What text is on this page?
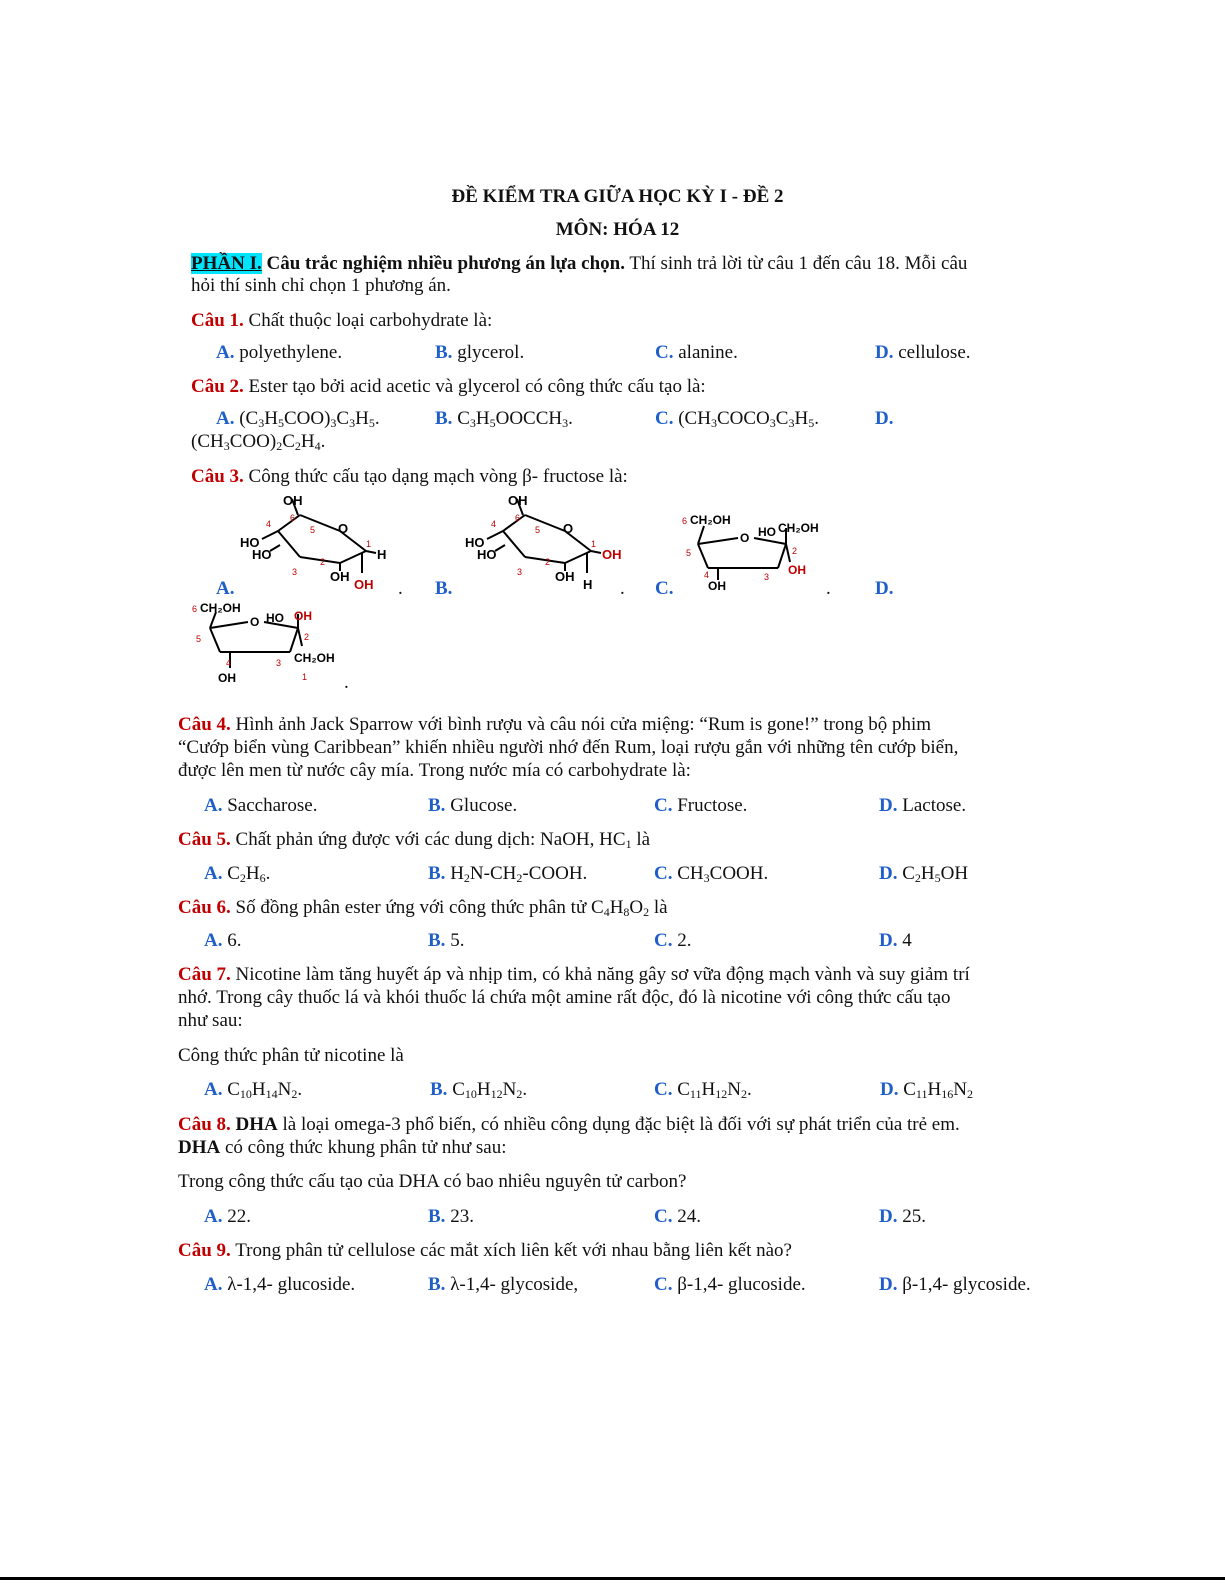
ĐỀ KIỂM TRA GIỮA HỌC KỲ I - ĐỀ 2
MÔN: HÓA 12
PHẦN I. Câu trắc nghiệm nhiều phương án lựa chọn. Thí sinh trả lời từ câu 1 đến câu 18. Mỗi câu
hỏi thí sinh chỉ chọn 1 phương án.
Câu 1. Chất thuộc loại carbohydrate là:
A. polyethylene.	B. glycerol.	C. alanine.	D. cellulose.
Câu 2. Ester tạo bởi acid acetic và glycerol có công thức cấu tạo là:
A. $(C_3H_5COO)_3C_3H_5$.	B. $C_3H_5OOCCH_3$.	C. ($CH_3COCO_3C_3H_5$.	D.
$(CH_3COO)_2C_2H_4$.
Câu 3. Công thức cấu tạo dạng mạch vòng β- fructose là:
OH
O
HO
HO	H
OH
OH
4
6
5
1
2
3
A.	.
OH
O
HO
HO	OH
OH
H
4
6
5
1
2
3
B.	.
CH₂OH
O HO CH₂OH
OH
OH
6
5	2
4	3
C.	. D.
CH₂OH
O HO OH
CH₂OH
OH
6
5	2
4	3
1 .
Câu 4. Hình ảnh Jack Sparrow với bình rượu và câu nói cửa miệng: “Rum is gone!” trong bộ phim
“Cướp biển vùng Caribbean” khiến nhiều người nhớ đến Rum, loại rượu gắn với những tên cướp biển,
được lên men từ nước cây mía. Trong nước mía có carbohydrate là:
A. Saccharose.	B. Glucose.	C. Fructose.	D. Lactose.
Câu 5. Chất phản ứng được với các dung dịch: NaOH, $HC_1$ là
A. $C_2H_6$.	B. $H_2N-CH_2$-COOH.	C. $CH_3COOH$.	D. $C_2H_5OH$
Câu 6. Số đồng phân ester ứng với công thức phân tử $C_4H_8O_2$ là
A. 6.	B. 5.	C. 2.	D. 4
Câu 7. Nicotine làm tăng huyết áp và nhịp tim, có khả năng gây sơ vữa động mạch vành và suy giảm trí
nhớ. Trong cây thuốc lá và khói thuốc lá chứa một amine rất độc, đó là nicotine với công thức cấu tạo
như sau:
Công thức phân tử nicotine là
A. $C_{10}H_{14}N_2$.	B. $C_{10}H_{12}N_2$.	C. $C_{11}H_{12}N_2$.	D. $C_{11}H_{16}N_2$
Câu 8. DHA là loại omega-3 phổ biến, có nhiều công dụng đặc biệt là đối với sự phát triển của trẻ em.
DHA có công thức khung phân tử như sau:
Trong công thức cấu tạo của DHA có bao nhiêu nguyên tử carbon?
A. 22.	B. 23.	C. 24.	D. 25.
Câu 9. Trong phân tử cellulose các mắt xích liên kết với nhau bằng liên kết nào?
A. λ-1,4- glucoside.	B. λ-1,4- glycoside,	C. β-1,4- glucoside.	D. β-1,4- glycoside.
